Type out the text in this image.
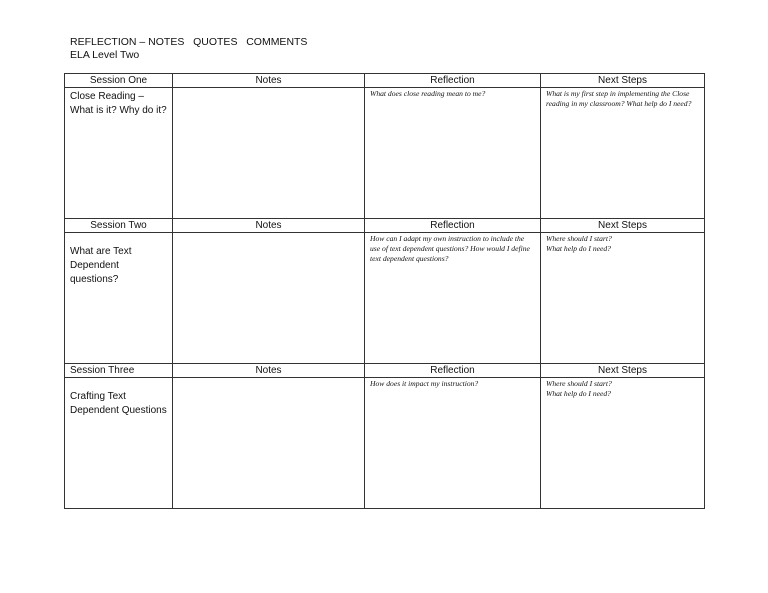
REFLECTION – NOTES   QUOTES   COMMENTS
ELA Level Two
Session One	Notes	Reflection	Next Steps

Close Reading – What is it? Why do it?		What does close reading mean to me?	What is my first step in implementing the Close reading in my classroom? What help do I need?

Session Two	Notes	Reflection	Next Steps

What are Text Dependent questions?		How can I adapt my own instruction to include the use of text dependent questions? How would I define text dependent questions?	Where should I start?
What help do I need?

Session Three	Notes	Reflection	Next Steps

Crafting Text Dependent Questions		How does it impact my instruction?	Where should I start?
What help do I need?
